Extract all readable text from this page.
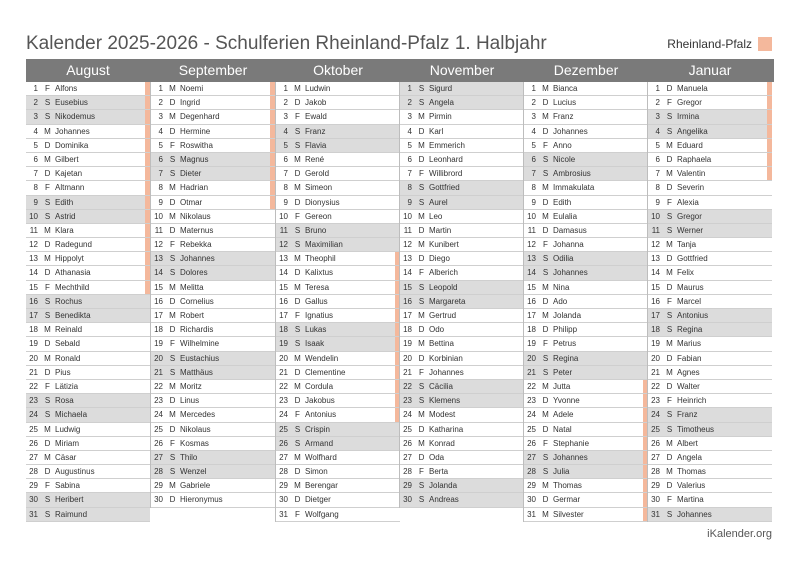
Kalender 2025-2026 - Schulferien Rheinland-Pfalz 1. Halbjahr	Rheinland-Pfalz
August	September	Oktober	November	Dezember	Januar
1 F Alfons
2 S Eusebius
3 S Nikodemus
4 M Johannes
5 D Dominika
6 M Gilbert
7 D Kajetan
8 F Altmann
9 S Edith
10 S Astrid
11 M Klara
12 D Radegund
13 M Hippolyt
14 D Athanasia
15 F Mechthild
16 S Rochus
17 S Benedikta
18 M Reinald
19 D Sebald
20 M Ronald
21 D Pius
22 F Lätizia
23 S Rosa
24 S Michaela
25 M Ludwig
26 D Miriam
27 M Cäsar
28 D Augustinus
29 F Sabina
30 S Heribert
31 S Raimund
1 M Noemi
2 D Ingrid
3 M Degenhard
4 D Hermine
5 F Roswitha
6 S Magnus
7 S Dieter
8 M Hadrian
9 D Otmar
10 M Nikolaus
11 D Maternus
12 F Rebekka
13 S Johannes
14 S Dolores
15 M Melitta
16 D Cornelius
17 M Robert
18 D Richardis
19 F Wilhelmine
20 S Eustachius
21 S Matthäus
22 M Moritz
23 D Linus
24 M Mercedes
25 D Nikolaus
26 F Kosmas
27 S Thilo
28 S Wenzel
29 M Gabriele
30 D Hieronymus
1 M Ludwin
2 D Jakob
3 F Ewald
4 S Franz
5 S Flavia
6 M René
7 D Gerold
8 M Simeon
9 D Dionysius
10 F Gereon
11 S Bruno
12 S Maximilian
13 M Theophil
14 D Kalixtus
15 M Teresa
16 D Gallus
17 F Ignatius
18 S Lukas
19 S Isaak
20 M Wendelin
21 D Clementine
22 M Cordula
23 D Jakobus
24 F Antonius
25 S Crispin
26 S Armand
27 M Wolfhard
28 D Simon
29 M Berengar
30 D Dietger
31 F Wolfgang
1 S Sigurd
2 S Angela
3 M Pirmin
4 D Karl
5 M Emmerich
6 D Leonhard
7 F Willibrord
8 S Gottfried
9 S Aurel
10 M Leo
11 D Martin
12 M Kunibert
13 D Diego
14 F Alberich
15 S Leopold
16 S Margareta
17 M Gertrud
18 D Odo
19 M Bettina
20 D Korbinian
21 F Johannes
22 S Cäcilia
23 S Klemens
24 M Modest
25 D Katharina
26 M Konrad
27 D Oda
28 F Berta
29 S Jolanda
30 S Andreas
1 M Bianca
2 D Lucius
3 M Franz
4 D Johannes
5 F Anno
6 S Nicole
7 S Ambrosius
8 M Immakulata
9 D Edith
10 M Eulalia
11 D Damasus
12 F Johanna
13 S Odilia
14 S Johannes
15 M Nina
16 D Ado
17 M Jolanda
18 D Philipp
19 F Petrus
20 S Regina
21 S Peter
22 M Jutta
23 D Yvonne
24 M Adele
25 D Natal
26 F Stephanie
27 S Johannes
28 S Julia
29 M Thomas
30 D Germar
31 M Silvester
1 D Manuela
2 F Gregor
3 S Irmina
4 S Angelika
5 M Eduard
6 D Raphaela
7 M Valentin
8 D Severin
9 F Alexia
10 S Gregor
11 S Werner
12 M Tanja
13 D Gottfried
14 M Felix
15 D Maurus
16 F Marcel
17 S Antonius
18 S Regina
19 M Marius
20 D Fabian
21 M Agnes
22 D Walter
23 F Heinrich
24 S Franz
25 S Timotheus
26 M Albert
27 D Angela
28 M Thomas
29 D Valerius
30 F Martina
31 S Johannes
iKalender.org
